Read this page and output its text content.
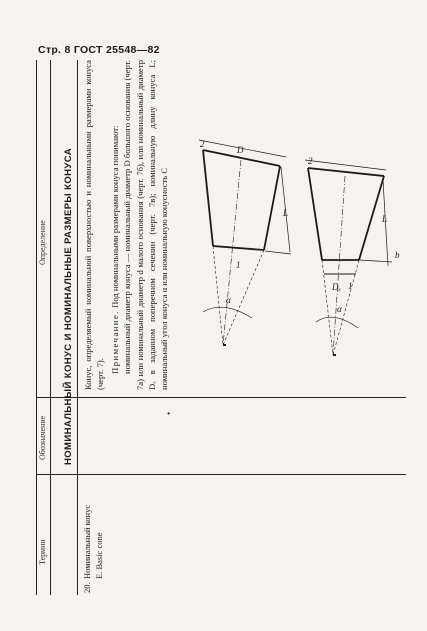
Стр. 8 ГОСТ 25548—82
Термин
Обозначение
Определение НОМИНАЛЬНЫЙ КОНУС И НОМИНАЛЬНЫЕ РАЗМЕРЫ КОНУСА
20.
Номинальный конус E. Basic cone

Конус, определяемый номинальной поверхностью и номинальными размерами конуса (черт. 7).

Примечание. Под номинальными размерами конуса понимают: номинальный диаметр конуса — номинальный диаметр D большого основания (черт. 7а) или номинальный диаметр d малого основания (черт. 7б), или номинальный диаметр Dₓ в заданном поперечном сечении (черт. 7в); номинальную длину конуса L; номинальный угол конуса α или номинальную конусность C

•
2
D
L
1
α
2
Dₓ
L
1
α
b
